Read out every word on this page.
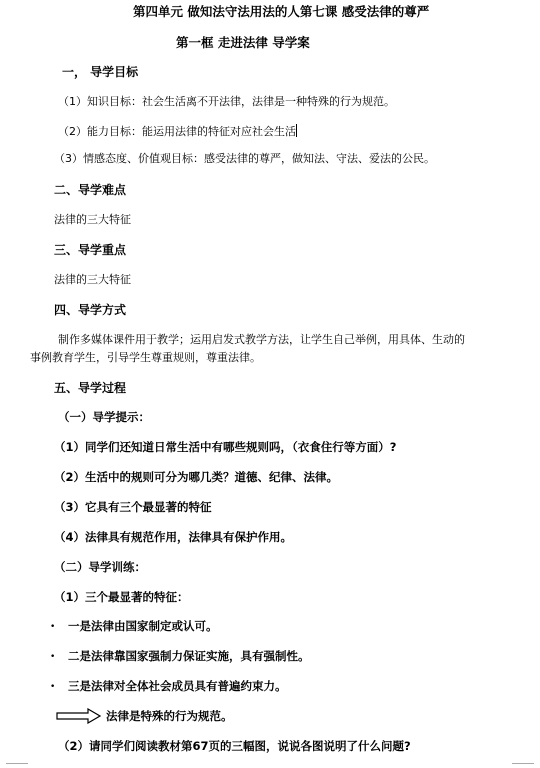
第四单元 做知法守法用法的人第七课 感受法律的尊严
第一框 走进法律 导学案
一， 导学目标
（1）知识目标：社会生活离不开法律，法律是一种特殊的行为规范。
（2）能力目标：能运用法律的特征对应社会生活
（3）情感态度、价值观目标：感受法律的尊严，做知法、守法、爱法的公民。
二、导学难点
法律的三大特征
三、导学重点
法律的三大特征
四、导学方式
制作多媒体课件用于教学；运用启发式教学方法，让学生自己举例，用具体、生动的
事例教育学生，引导学生尊重规则，尊重法律。
五、导学过程
（一）导学提示：
（1）同学们还知道日常生活中有哪些规则吗，（衣食住行等方面）?
（2）生活中的规则可分为哪几类？道德、纪律、法律。
（3）它具有三个最显著的特征
（4）法律具有规范作用，法律具有保护作用。
（二）导学训练：
（1）三个最显著的特征：
• 一是法律由国家制定或认可。
• 二是法律靠国家强制力保证实施，具有强制性。
• 三是法律对全体社会成员具有普遍约束力。
法律是特殊的行为规范。
（2）请同学们阅读教材第67页的三幅图，说说各图说明了什么问题?
